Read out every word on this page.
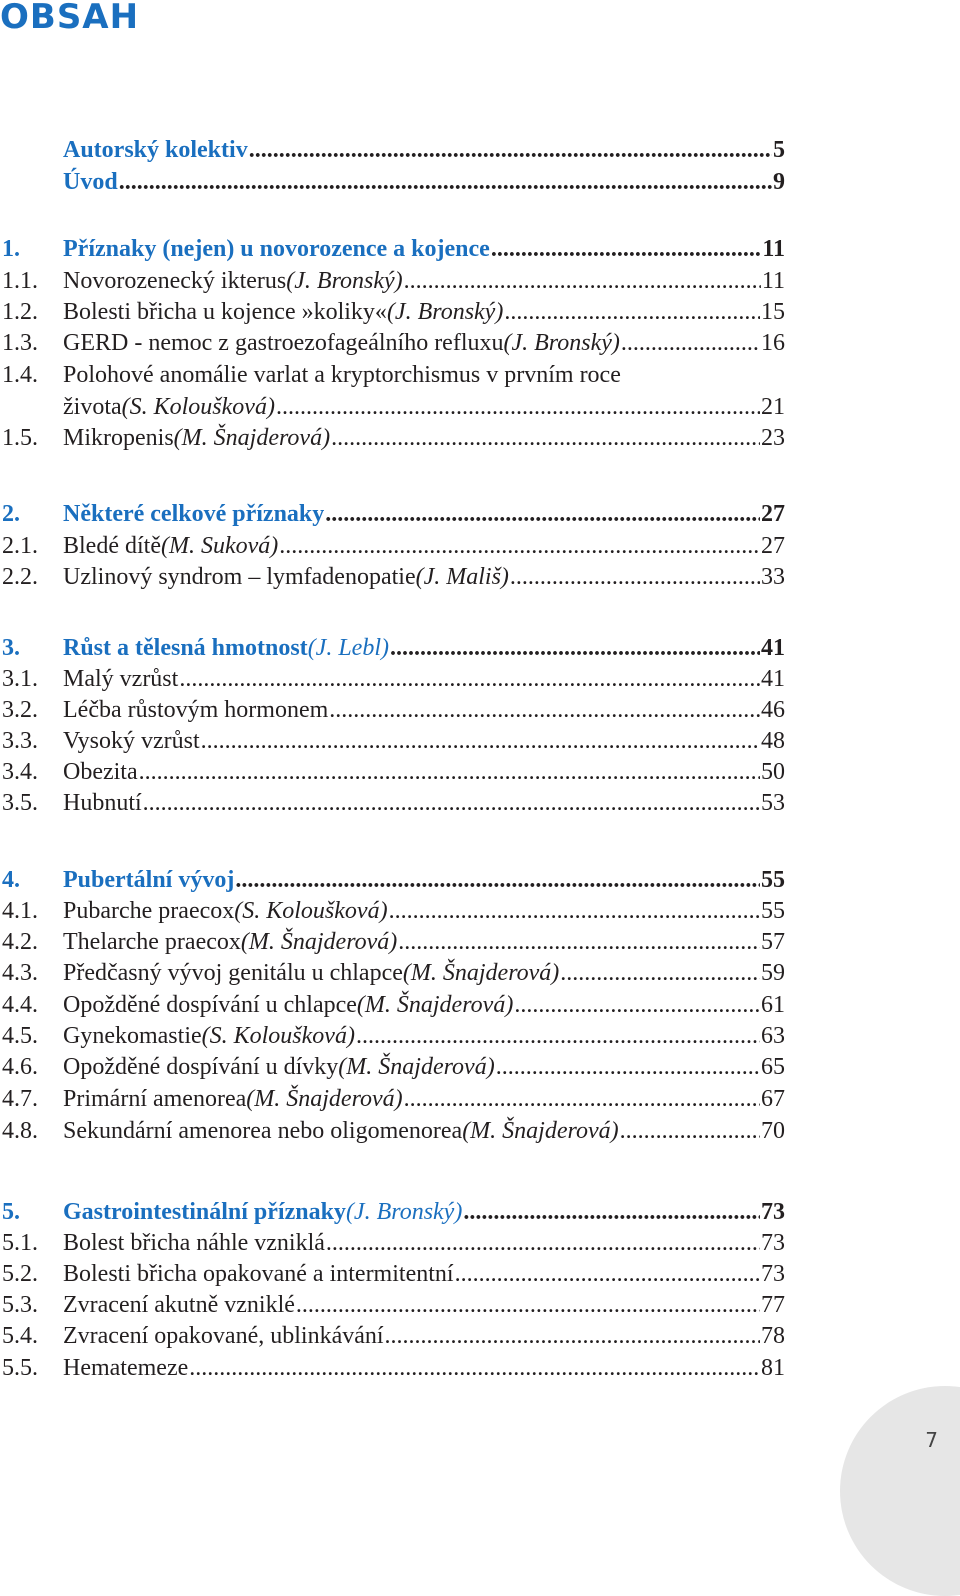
OBSAH
Autorský kolektiv .....	5
Úvod .....	9
1. Příznaky (nejen) u novorozence a kojence .....	11
1.1. Novorozenecký ikterus (J. Bronský) .....	11
1.2. Bolesti břicha u kojence »koliky« (J. Bronský) .....	15
1.3. GERD - nemoc z gastroezofageálního refluxu (J. Bronský) .....	16
1.4. Polohové anomálie varlat a kryptorchismus v prvním roce
života (S. Koloušková) .....	21
1.5. Mikropenis (M. Šnajderová) .....	23
2. Některé celkové příznaky .....	27
2.1. Bledé dítě (M. Suková) .....	27
2.2. Uzlinový syndrom – lymfadenopatie (J. Mališ) .....	33
3. Růst a tělesná hmotnost (J. Lebl) .....	41
3.1. Malý vzrůst .....	41
3.2. Léčba růstovým hormonem .....	46
3.3. Vysoký vzrůst .....	48
3.4. Obezita .....	50
3.5. Hubnutí .....	53
4. Pubertální vývoj .....	55
4.1. Pubarche praecox (S. Koloušková) .....	55
4.2. Thelarche praecox (M. Šnajderová) .....	57
4.3. Předčasný vývoj genitálu u chlapce (M. Šnajderová) .....	59
4.4. Opožděné dospívání u chlapce (M. Šnajderová) .....	61
4.5. Gynekomastie (S. Koloušková) .....	63
4.6. Opožděné dospívání u dívky (M. Šnajderová) .....	65
4.7. Primární amenorea (M. Šnajderová) .....	67
4.8. Sekundární amenorea nebo oligomenorea (M. Šnajderová) .....	70
5. Gastrointestinální příznaky (J. Bronský) .....	73
5.1. Bolest břicha náhle vzniklá .....	73
5.2. Bolesti břicha opakované a intermitentní .....	73
5.3. Zvracení akutně vzniklé .....	77
5.4. Zvracení opakované, ublinkávání .....	78
5.5. Hematemeze .....	81
7
